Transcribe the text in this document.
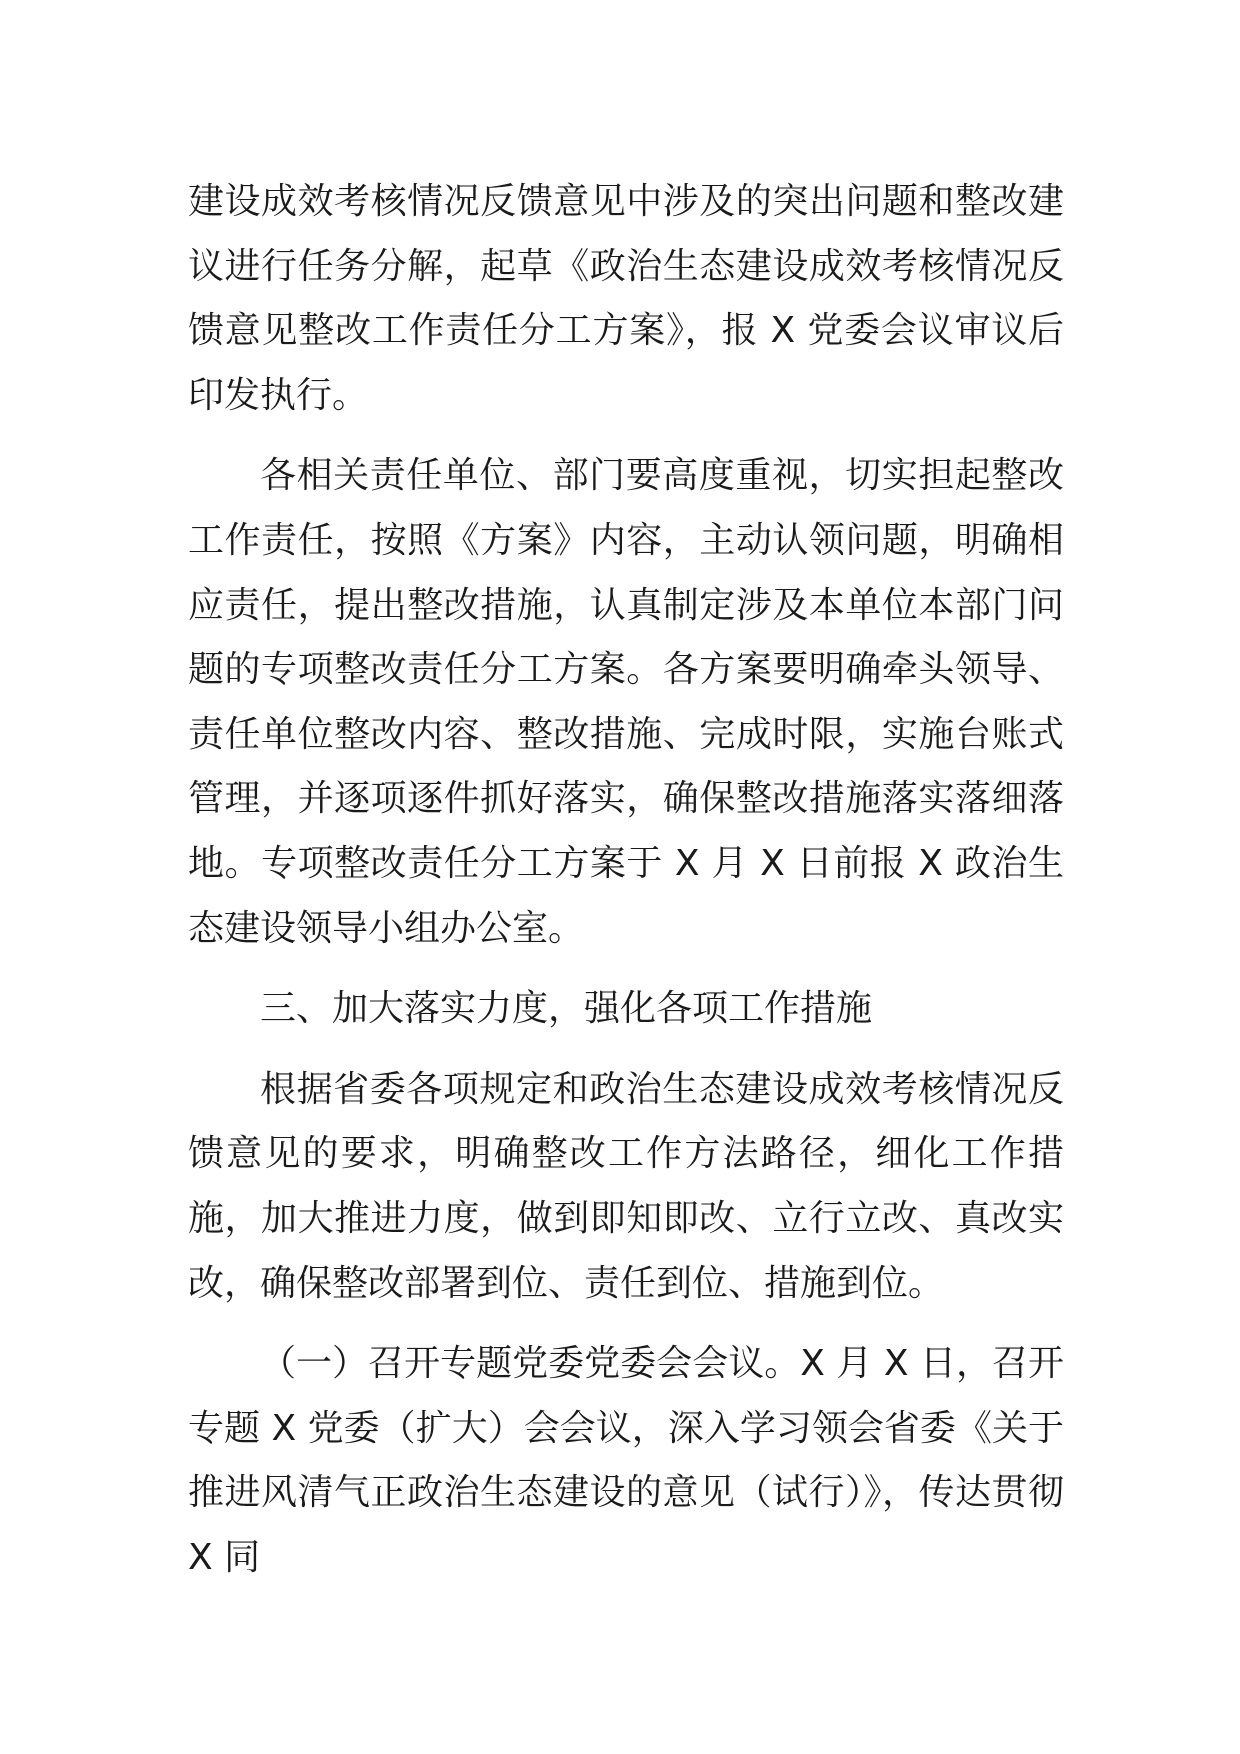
建设成效考核情况反馈意见中涉及的突出问题和整改建议进行任务分解，起草《政治生态建设成效考核情况反馈意见整改工作责任分工方案》，报 X 党委会议审议后印发执行。

各相关责任单位、部门要高度重视，切实担起整改工作责任，按照《方案》内容，主动认领问题，明确相应责任，提出整改措施，认真制定涉及本单位本部门问题的专项整改责任分工方案。各方案要明确牵头领导、责任单位整改内容、整改措施、完成时限，实施台账式管理，并逐项逐件抓好落实，确保整改措施落实落细落地。专项整改责任分工方案于 X 月 X 日前报 X 政治生态建设领导小组办公室。

三、加大落实力度，强化各项工作措施

根据省委各项规定和政治生态建设成效考核情况反馈意见的要求，明确整改工作方法路径，细化工作措施，加大推进力度，做到即知即改、立行立改、真改实改，确保整改部署到位、责任到位、措施到位。

（一）召开专题党委党委会会议。X 月 X 日，召开专题 X 党委（扩大）会会议，深入学习领会省委《关于推进风清气正政治生态建设的意见（试行）》，传达贯彻 X 同
